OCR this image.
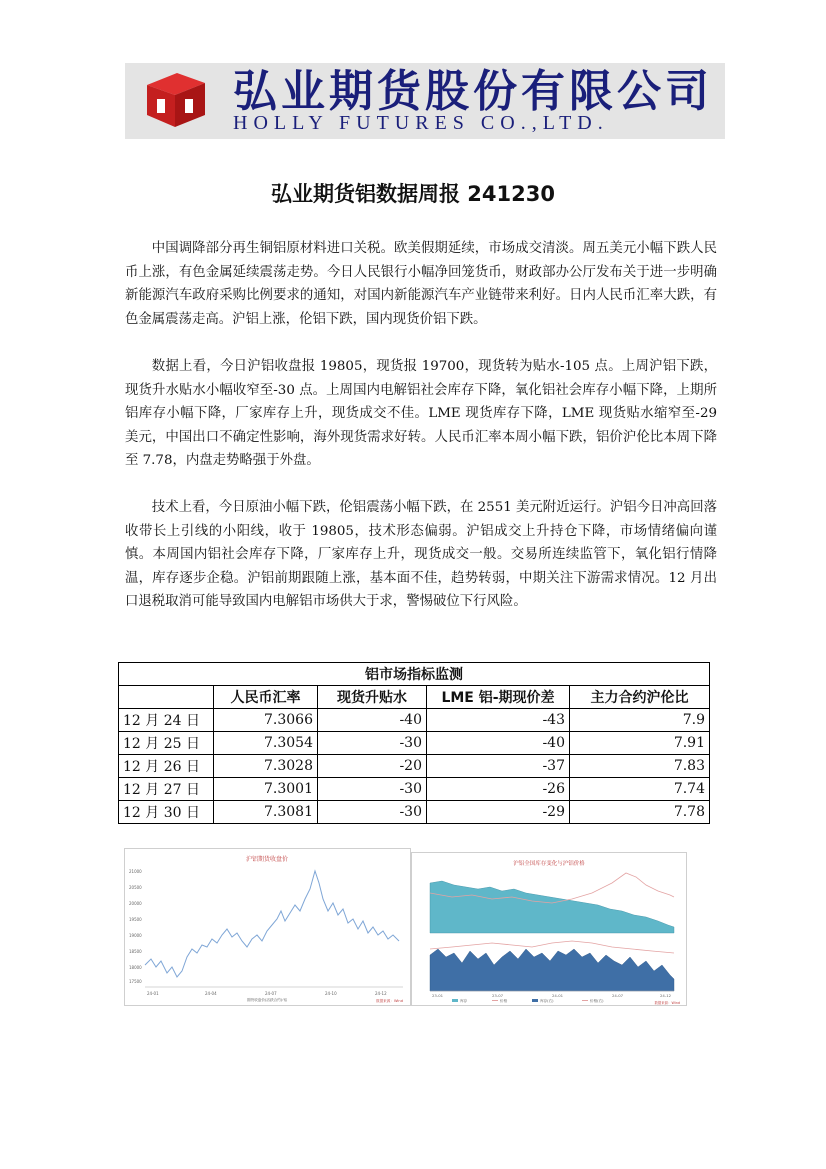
弘业期货股份有限公司
HOLLY FUTURES CO.,LTD.
弘业期货铝数据周报 241230

中国调降部分再生铜铝原材料进口关税。欧美假期延续，市场成交清淡。周五美元小幅下跌人民币上涨，有色金属延续震荡走势。今日人民银行小幅净回笼货币，财政部办公厅发布关于进一步明确新能源汽车政府采购比例要求的通知，对国内新能源汽车产业链带来利好。日内人民币汇率大跌，有色金属震荡走高。沪铝上涨，伦铝下跌，国内现货价铝下跌。

数据上看，今日沪铝收盘报 19805，现货报 19700，现货转为贴水-105 点。上周沪铝下跌，现货升水贴水小幅收窄至-30 点。上周国内电解铝社会库存下降，氧化铝社会库存小幅下降，上期所铝库存小幅下降，厂家库存上升，现货成交不佳。LME 现货库存下降，LME 现货贴水缩窄至-29 美元，中国出口不确定性影响，海外现货需求好转。人民币汇率本周小幅下跌，铝价沪伦比本周下降至 7.78，内盘走势略强于外盘。

技术上看，今日原油小幅下跌，伦铝震荡小幅下跌，在 2551 美元附近运行。沪铝今日冲高回落收带长上引线的小阳线，收于 19805，技术形态偏弱。沪铝成交上升持仓下降，市场情绪偏向谨慎。本周国内铝社会库存下降，厂家库存上升，现货成交一般。交易所连续监管下，氧化铝行情降温，库存逐步企稳。沪铝前期跟随上涨，基本面不佳，趋势转弱，中期关注下游需求情况。12 月出口退税取消可能导致国内电解铝市场供大于求，警惕破位下行风险。

铝市场指标监测				
	人民币汇率	现货升贴水	LME 铝-期现价差	主力合约沪伦比
12 月 24 日	7.3066	-40	-43	7.9
12 月 25 日	7.3054	-30	-40	7.91
12 月 26 日	7.3028	-20	-37	7.83
12 月 27 日	7.3001	-30	-26	7.74
12 月 30 日	7.3081	-30	-29	7.78
沪铝期货收盘价
21000
20500
20000
19500
19000
18500
18000
17500
24-01	24-04	24-07	24-10	24-12
期货收盘价(活跃合约):铝	数据来源：Wind
沪铝全国库存变化与沪铝价格
23-01	23-07	24-01	24-07	24-12
库存	价格	库存(右)	价格(右)	数据来源：Wind
